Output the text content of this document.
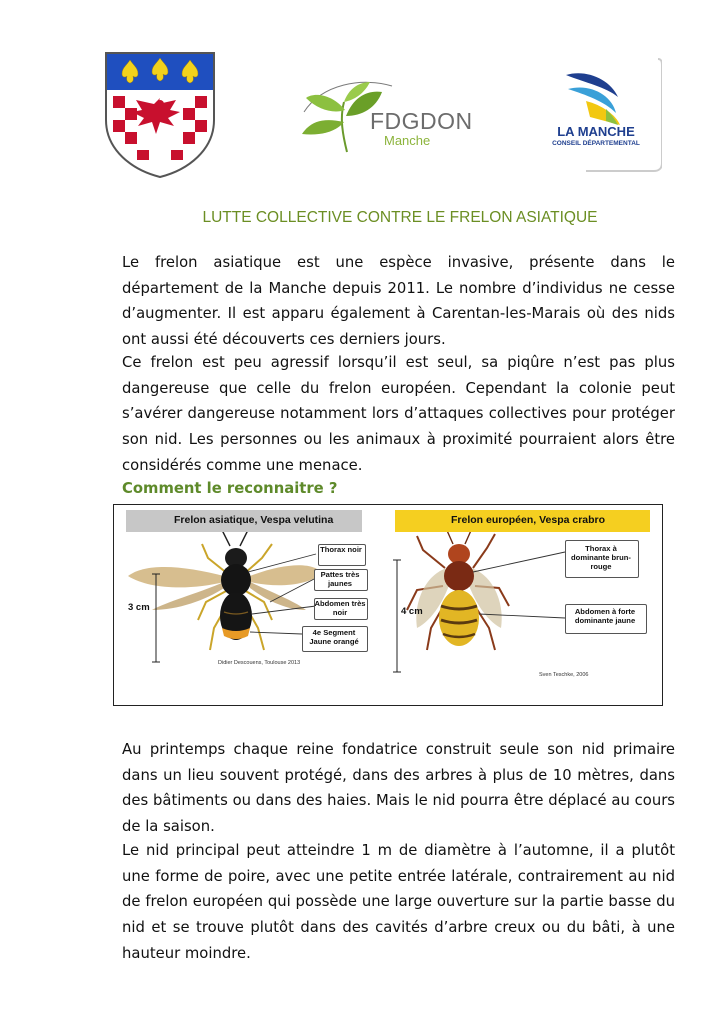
FDGDON
Manche
LA MANCHE
CONSEIL DÉPARTEMENTAL
LUTTE COLLECTIVE CONTRE LE FRELON ASIATIQUE

Le frelon asiatique est une espèce invasive, présente dans le département de la Manche depuis 2011. Le nombre d’individus ne cesse d’augmenter. Il est apparu également à Carentan-les-Marais où des nids ont aussi été découverts ces derniers jours.

Ce frelon est peu agressif lorsqu’il est seul, sa piqûre n’est pas plus dangereuse que celle du frelon européen. Cependant la colonie peut s’avérer dangereuse notamment lors d’attaques collectives pour protéger son nid. Les personnes ou les animaux à proximité pourraient alors être considérés comme une menace.

Comment le reconnaitre ?
3 cm
Thorax noir
Pattes très jaunes
Abdomen très noir
4e Segment Jaune orangé
Didier Descouens, Toulouse 2013
Frelon asiatique, Vespa velutina
4 cm
Thorax à dominante brun-rouge
Abdomen à forte dominante jaune
Sven Teschke, 2006
Frelon européen, Vespa crabro

Au printemps chaque reine fondatrice construit seule son nid primaire dans un lieu souvent protégé, dans des arbres à plus de 10 mètres, dans des bâtiments ou dans des haies. Mais le nid pourra être déplacé au cours de la saison.

Le nid principal peut atteindre 1 m de diamètre à l’automne, il a plutôt une forme de poire, avec une petite entrée latérale, contrairement au nid de frelon européen qui possède une large ouverture sur la partie basse du nid et se trouve plutôt dans des cavités d’arbre creux ou du bâti, à une hauteur moindre.
